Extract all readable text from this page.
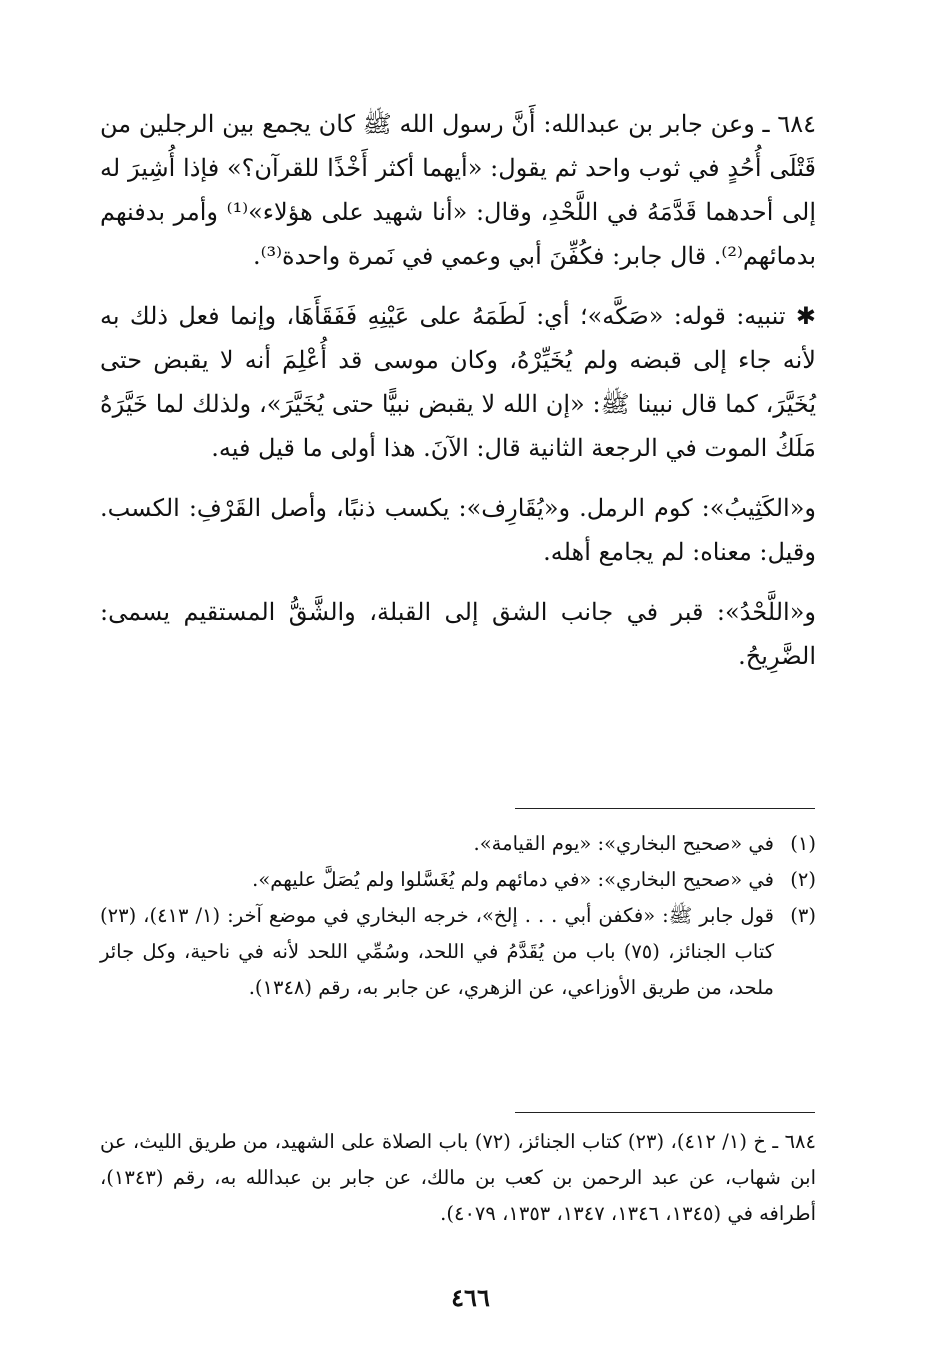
٦٨٤ ـ وعن جابر بن عبدالله: أَنَّ رسول الله ﷺ كان يجمع بين الرجلين من قَتْلَى أُحُدٍ في ثوب واحد ثم يقول: «أيهما أكثر أَخْذًا للقرآن؟» فإذا أُشِيرَ له إلى أحدهما قَدَّمَهُ في اللَّحْدِ، وقال: «أنا شهيد على هؤلاء»⁽¹⁾ وأمر بدفنهم بدمائهم⁽²⁾. قال جابر: فكُفِّنَ أبي وعمي في نَمرة واحدة⁽³⁾.

✱ تنبيه: قوله: «صَكَّه»؛ أي: لَطَمَهُ على عَيْنِهِ فَفَقَأَهَا، وإنما فعل ذلك به لأنه جاء إلى قبضه ولم يُخَيِّرْهُ، وكان موسى قد أُعْلِمَ أنه لا يقبض حتى يُخَيَّرَ، كما قال نبينا ﷺ: «إن الله لا يقبض نبيًّا حتى يُخَيَّرَ»، ولذلك لما خَيَّرَهُ مَلَكُ الموت في الرجعة الثانية قال: الآنَ. هذا أولى ما قيل فيه.

و«الكَثِيبُ»: كوم الرمل. و«يُقَارِف»: يكسب ذنبًا، وأصل القَرْفِ: الكسب. وقيل: معناه: لم يجامع أهله.

و«اللَّحْدُ»: قبر في جانب الشق إلى القبلة، والشَّقُّ المستقيم يسمى: الضَّرِيحُ.

(١)
في «صحيح البخاري»: «يوم القيامة».
(٢)
في «صحيح البخاري»: «في دمائهم ولم يُغَسَّلوا ولم يُصَلَّ عليهم».
(٣)
قول جابر ﷺ: «فكفن أبي . . . إلخ»، خرجه البخاري في موضع آخر: (١/ ٤١٣)، (٢٣) كتاب الجنائز، (٧٥) باب من يُقَدَّمُ في اللحد، وسُمِّي اللحد لأنه في ناحية، وكل جائر ملحد، من طريق الأوزاعي، عن الزهري، عن جابر به، رقم (١٣٤٨).

٦٨٤ ـ خ (١/ ٤١٢)، (٢٣) كتاب الجنائز، (٧٢) باب الصلاة على الشهيد، من طريق الليث، عن ابن شهاب، عن عبد الرحمن بن كعب بن مالك، عن جابر بن عبدالله به، رقم (١٣٤٣)، أطرافه في (١٣٤٥، ١٣٤٦، ١٣٤٧، ١٣٥٣، ٤٠٧٩).

٤٦٦
